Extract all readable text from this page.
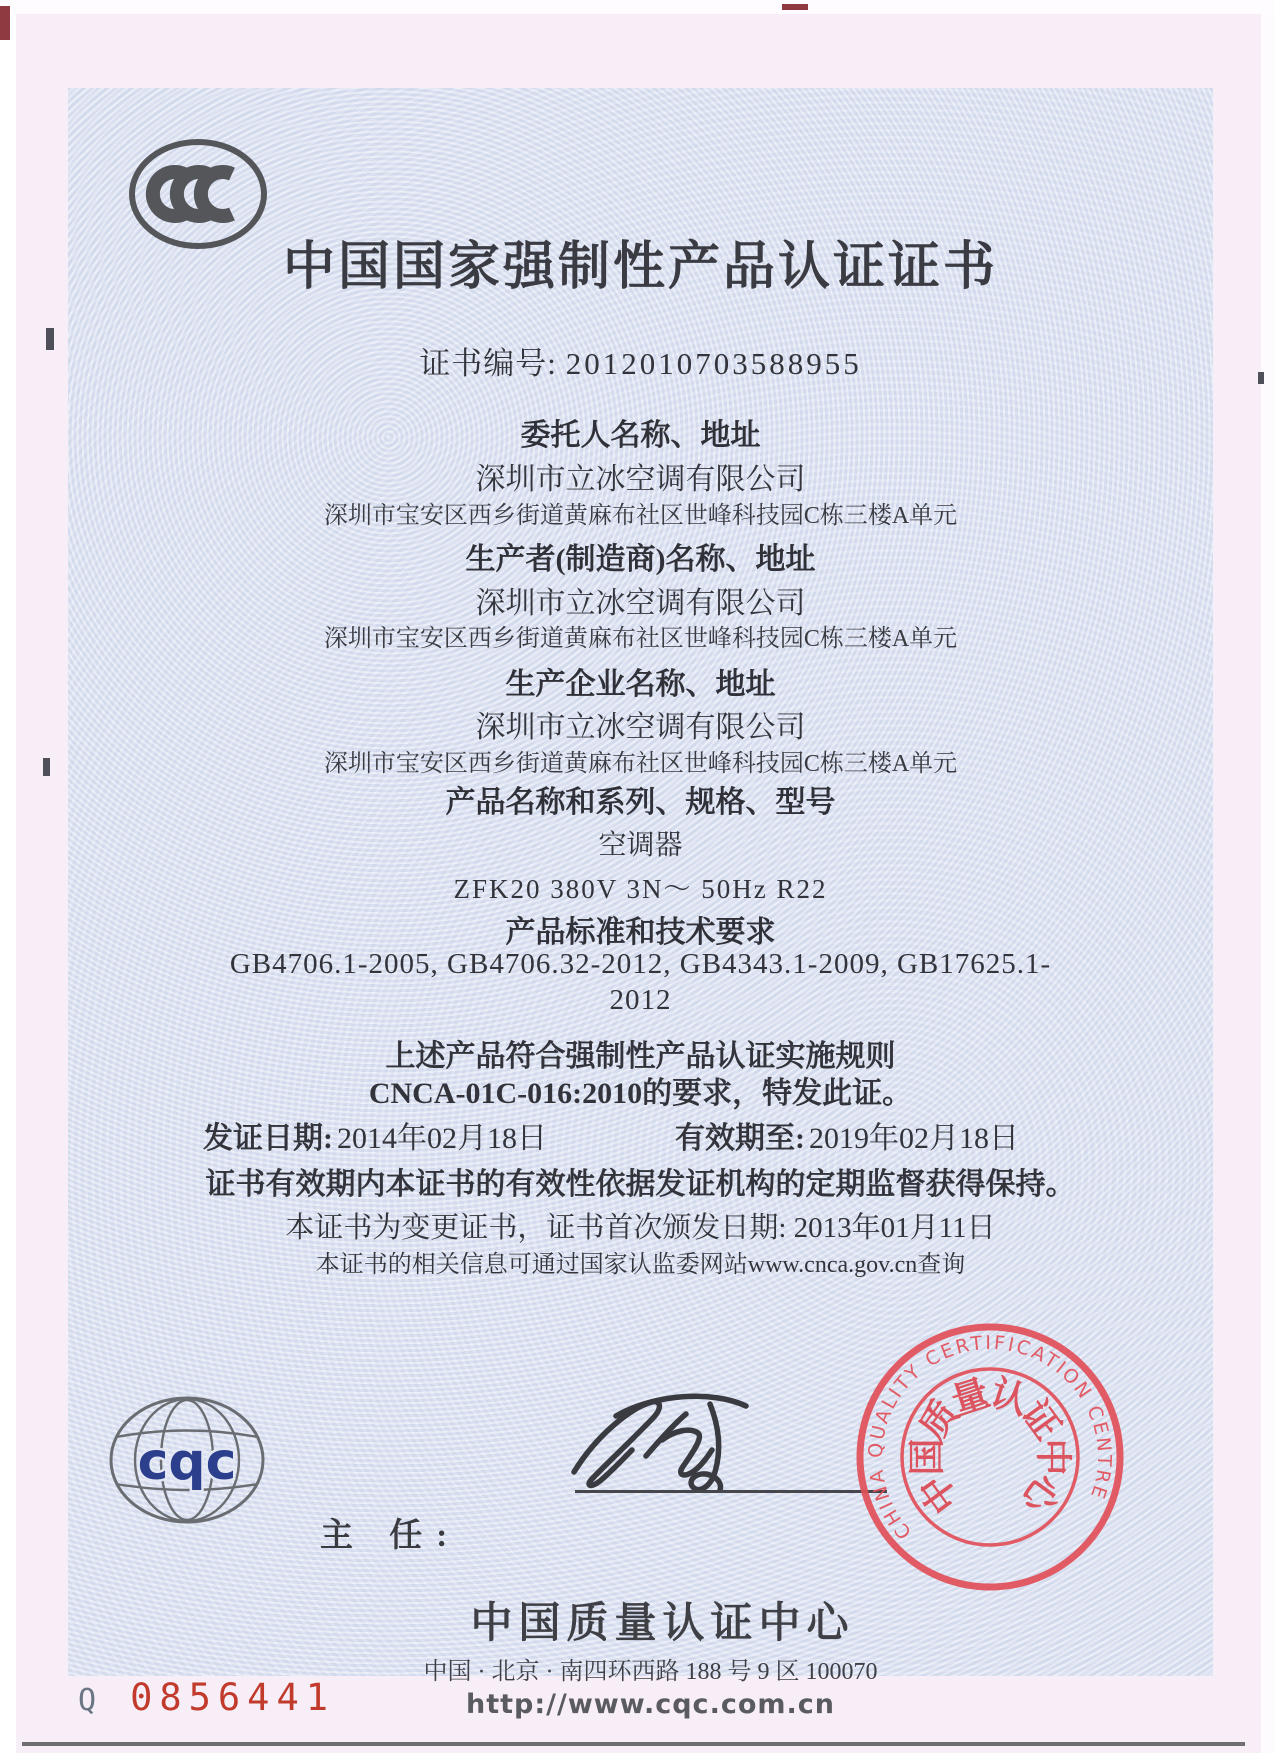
中国国家强制性产品认证证书
证书编号: 2012010703588955
委托人名称、地址
深圳市立冰空调有限公司
深圳市宝安区西乡街道黄麻布社区世峰科技园C栋三楼A单元
生产者(制造商)名称、地址
深圳市立冰空调有限公司
深圳市宝安区西乡街道黄麻布社区世峰科技园C栋三楼A单元
生产企业名称、地址
深圳市立冰空调有限公司
深圳市宝安区西乡街道黄麻布社区世峰科技园C栋三楼A单元
产品名称和系列、规格、型号
空调器
ZFK20 380V 3N～ 50Hz R22
产品标准和技术要求
GB4706.1-2005, GB4706.32-2012, GB4343.1-2009, GB17625.1-
2012
上述产品符合强制性产品认证实施规则
CNCA-01C-016:2010的要求，特发此证。
发证日期: 2014年02月18日	有效期至: 2019年02月18日
证书有效期内本证书的有效性依据发证机构的定期监督获得保持。
本证书为变更证书，证书首次颁发日期: 2013年01月11日
本证书的相关信息可通过国家认监委网站www.cnca.gov.cn查询
cqc
主 任:
中国质量认证中心
中国 · 北京 · 南四环西路 188 号 9 区 100070
http://www.cqc.com.cn
CHINA QUALITY CERTIFICATION CENTRE
中
国
质
量
认
证
中
心
Q 0856441
